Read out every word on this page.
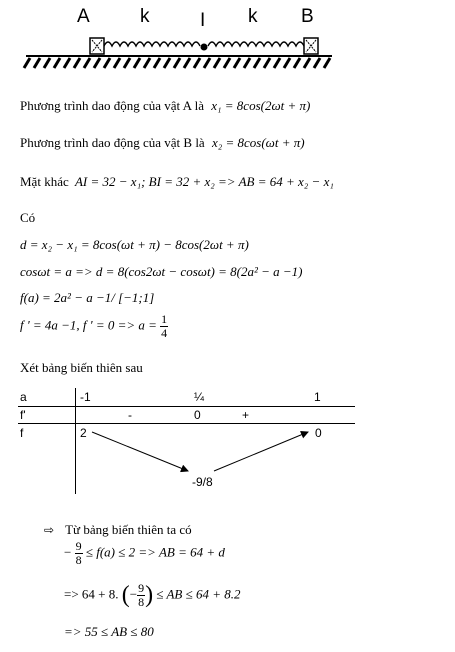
A	k	I k B
Phương trình dao động của vật A là x₁ = 8cos(2ωt + π)
Phương trình dao động của vật B là x₂ = 8cos(ωt + π)
Mặt khác AI = 32 − x₁; BI = 32 + x₂ => AB = 64 + x₂ − x₁
Có
d = x₂ − x₁ = 8cos(ωt + π) − 8cos(2ωt + π)
cosωt = a => d = 8(cos2ωt − cosωt) = 8(2a² − a −1)
f(a) = 2a² − a −1/ [−1;1]
f ' = 4a −1, f ' = $0 => a = \frac{1}{4}$
Xét bảng biến thiên sau
a	-1	¼	1
f'	-	0	+
f	2	0
-9/8
⇨ Từ bảng biến thiên ta có
− $\frac{9}{8} \le f(a) \le 2$ => AB = 64 + d
=> 64 + 8. (− $\frac{9}{8}$ ) ≤ AB ≤ 64 + 8.2
=> 55 ≤ AB ≤ 80
